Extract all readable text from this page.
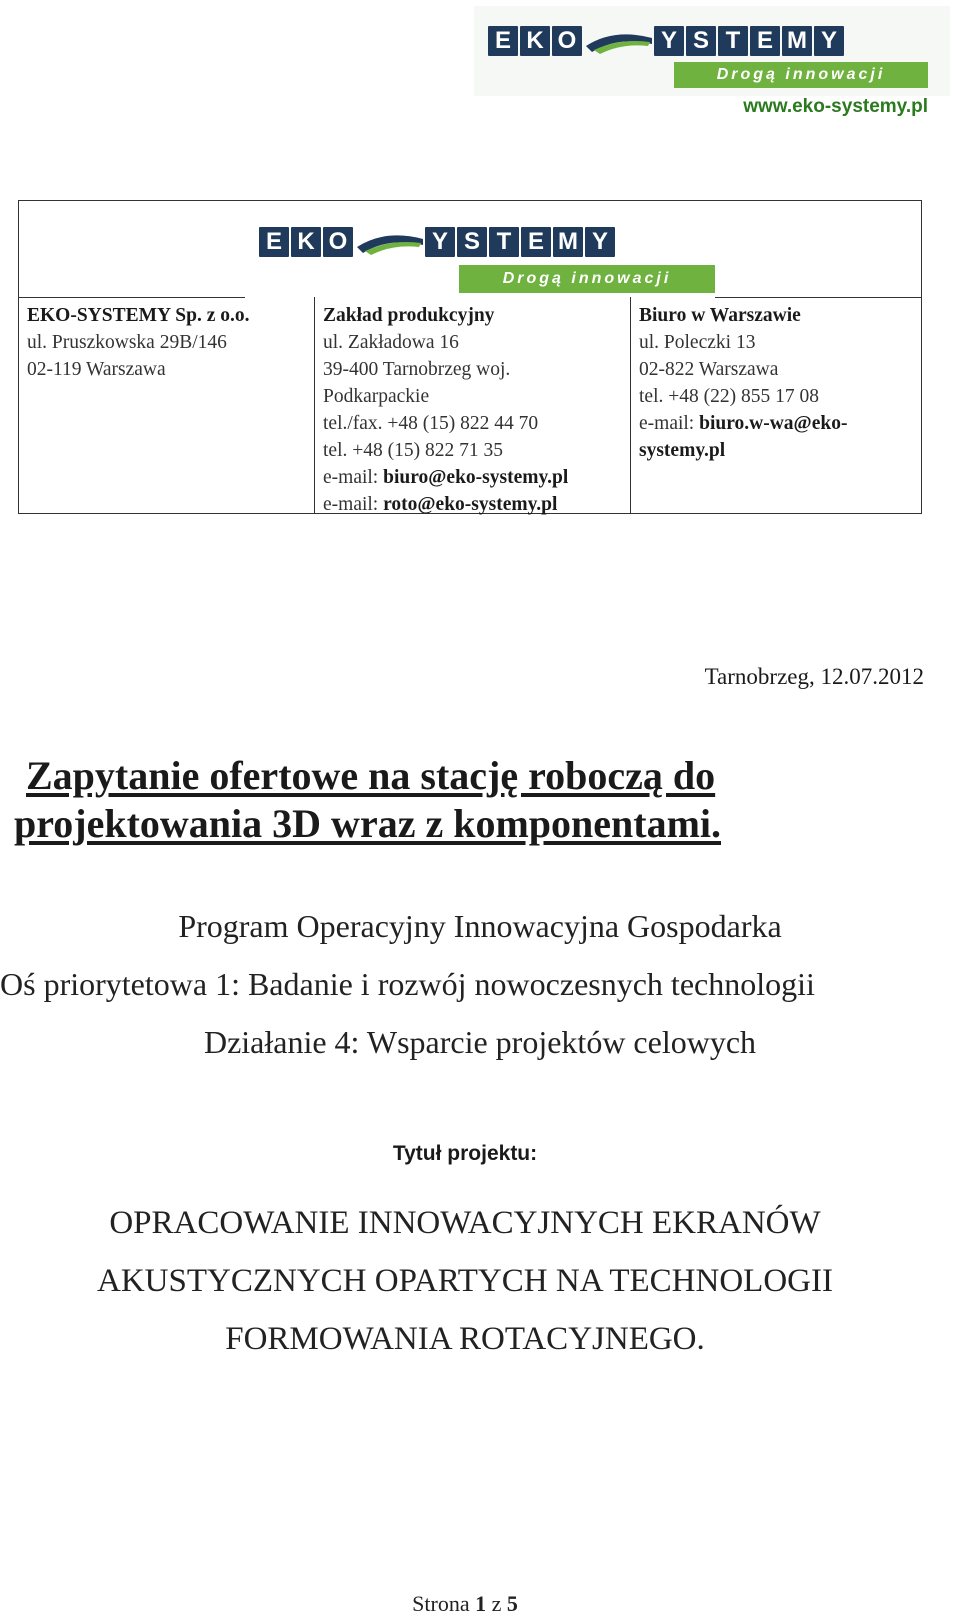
E K O	Y S T E M Y
Drogą innowacji
www.eko-systemy.pl
E K O	Y S T E M Y
Drogą innowacji
EKO-SYSTEMY Sp. z o.o.
ul. Pruszkowska 29B/146
02-119 Warszawa
Zakład produkcyjny
ul. Zakładowa 16
39-400 Tarnobrzeg woj.
Podkarpackie
tel./fax. +48 (15) 822 44 70
tel. +48 (15) 822 71 35
e-mail: biuro@eko-systemy.pl
e-mail: roto@eko-systemy.pl
Biuro w Warszawie
ul. Poleczki 13
02-822 Warszawa
tel. +48 (22) 855 17 08
e-mail: biuro.w-wa@eko-
systemy.pl
Tarnobrzeg, 12.07.2012
Zapytanie ofertowe na stację roboczą do
projektowania 3D wraz z komponentami.
Program Operacyjny Innowacyjna Gospodarka
Oś priorytetowa 1: Badanie i rozwój nowoczesnych technologii
Działanie 4: Wsparcie projektów celowych
Tytuł projektu:
OPRACOWANIE INNOWACYJNYCH EKRANÓW
AKUSTYCZNYCH OPARTYCH NA TECHNOLOGII
FORMOWANIA ROTACYJNEGO.
Strona 1 z 5
